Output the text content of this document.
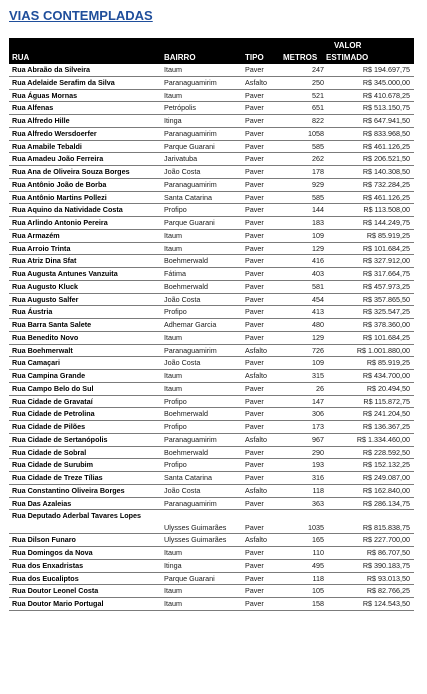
VIAS CONTEMPLADAS
RUA	BAIRRO	TIPO METROS
VALOR
ESTIMADO
Rua Abraão da Silveira	Itaum	Paver	247	R$ 194.697,75
Rua Adelaide Serafim da Silva	Paranaguamirim	Asfalto	250	R$ 345.000,00
Rua Águas Mornas	Itaum	Paver	521	R$ 410.678,25
Rua Alfenas	Petrópolis	Paver	651	R$ 513.150,75
Rua Alfredo Hille	Itinga	Paver	822	R$ 647.941,50
Rua Alfredo Wersdoerfer	Paranaguamirim	Paver	1058	R$ 833.968,50
Rua Amabile Tebaldi	Parque Guarani	Paver	585	R$ 461.126,25
Rua Amadeu João Ferreira	Jarivatuba	Paver	262	R$ 206.521,50
Rua Ana de Oliveira Souza Borges	João Costa	Paver	178	R$ 140.308,50
Rua Antônio João de Borba	Paranaguamirim	Paver	929	R$ 732.284,25
Rua Antônio Martins Pollezi	Santa Catarina	Paver	585	R$ 461.126,25
Rua Aquino da Natividade Costa	Profipo	Paver	144	R$ 113.508,00
Rua Arlindo Antonio Pereira	Parque Guarani	Paver	183	R$ 144.249,75
Rua Armazém	Itaum	Paver	109	R$ 85.919,25
Rua Arroio Trinta	Itaum	Paver	129	R$ 101.684,25
Rua Atriz Dina Sfat	Boehmerwald	Paver	416	R$ 327.912,00
Rua Augusta Antunes Vanzuita	Fátima	Paver	403	R$ 317.664,75
Rua Augusto Kluck	Boehmerwald	Paver	581	R$ 457.973,25
Rua Augusto Salfer	João Costa	Paver	454	R$ 357.865,50
Rua Áustria	Profipo	Paver	413	R$ 325.547,25
Rua Barra Santa Salete	Adhemar Garcia	Paver	480	R$ 378.360,00
Rua Benedito Novo	Itaum	Paver	129	R$ 101.684,25
Rua Boehmerwalt	Paranaguamirim	Asfalto	726	R$ 1.001.880,00
Rua Camaçari	João Costa	Paver	109	R$ 85.919,25
Rua Campina Grande	Itaum	Asfalto	315	R$ 434.700,00
Rua Campo Belo do Sul	Itaum	Paver	26	R$ 20.494,50
Rua Cidade de Gravataí	Profipo	Paver	147	R$ 115.872,75
Rua Cidade de Petrolina	Boehmerwald	Paver	306	R$ 241.204,50
Rua Cidade de Pilões	Profipo	Paver	173	R$ 136.367,25
Rua Cidade de Sertanópolis	Paranaguamirim	Asfalto	967	R$ 1.334.460,00
Rua Cidade de Sobral	Boehmerwald	Paver	290	R$ 228.592,50
Rua Cidade de Surubim	Profipo	Paver	193	R$ 152.132,25
Rua Cidade de Treze Tílias	Santa Catarina	Paver	316	R$ 249.087,00
Rua Constantino Oliveira Borges	João Costa	Asfalto	118	R$ 162.840,00
Rua Das Azaleias	Paranaguamirim	Paver	363	R$ 286.134,75
Rua Deputado Aderbal Tavares Lopes
Ulysses Guimarães	Paver	1035	R$ 815.838,75
Rua Dilson Funaro	Ulysses Guimarães	Asfalto	165	R$ 227.700,00
Rua Domingos da Nova	Itaum	Paver	110	R$ 86.707,50
Rua dos Enxadristas	Itinga	Paver	495	R$ 390.183,75
Rua dos Eucaliptos	Parque Guarani	Paver	118	R$ 93.013,50
Rua Doutor Leonel Costa	Itaum	Paver	105	R$ 82.766,25
Rua Doutor Mario Portugal	Itaum	Paver	158	R$ 124.543,50
